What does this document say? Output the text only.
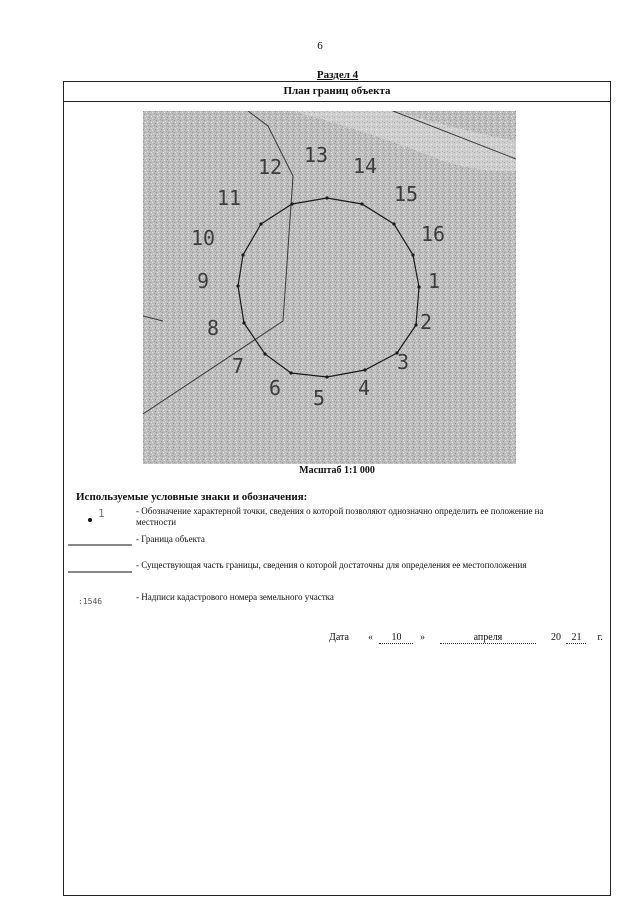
6
Раздел 4
План границ объекта
1
2
3
4
5
6
7
8
9
10
11
12 13 14
15
16
Масштаб 1:1 000
Используемые условные знаки и обозначения:
1	- Обозначение характерной точки, сведения о которой позволяют однозначно определить ее положение на местности
- Граница объекта
- Существующая часть границы, сведения о которой достаточны для определения ее местоположения
:1546	- Надписи кадастрового номера земельного участка
Дата « 10 »	апреля	20 21 г.
